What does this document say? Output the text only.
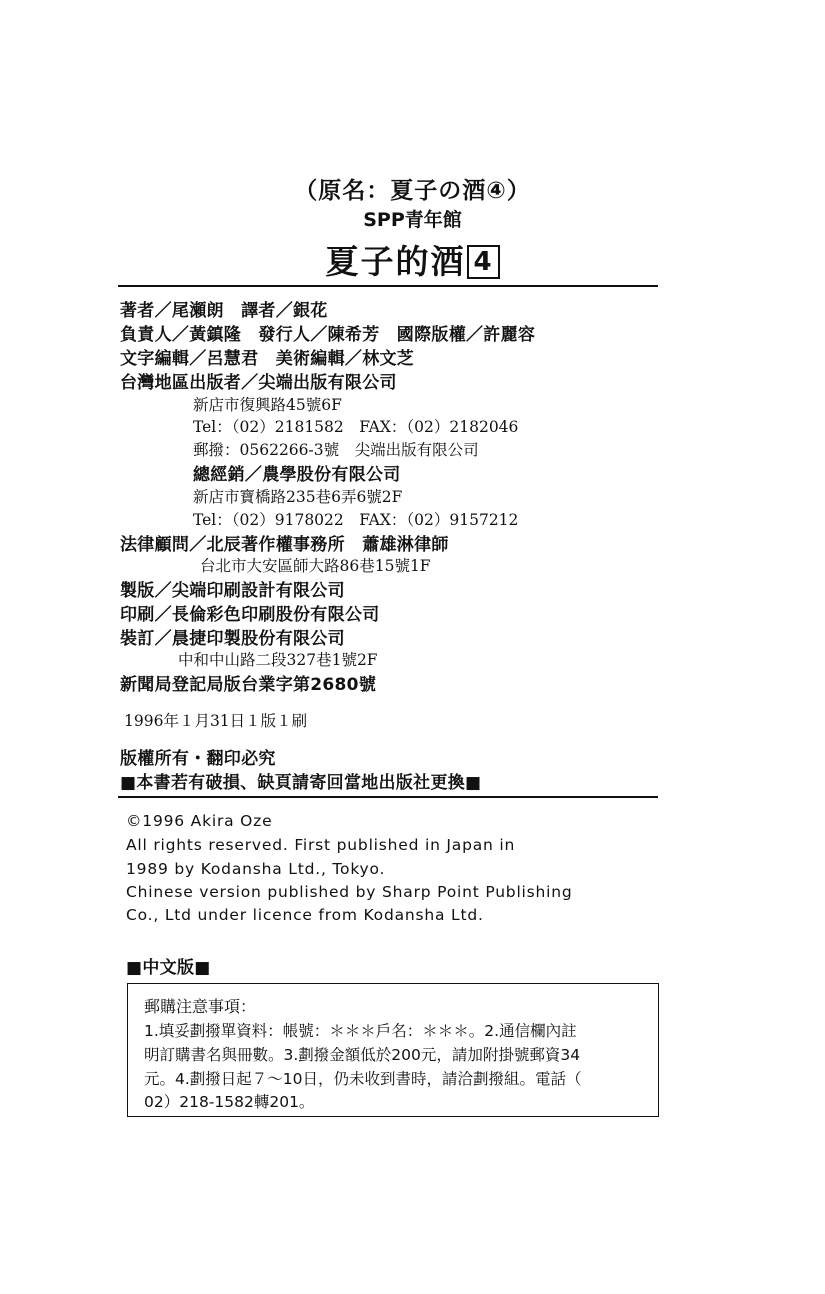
（原名：夏子の酒④）
SPP青年館
夏子的酒 4
著者／尾瀬朗　譯者／銀花
負責人／黃鎮隆　發行人／陳希芳　國際版權／許麗容
文字編輯／呂慧君　美術編輯／林文芝
台灣地區出版者／尖端出版有限公司
新店市復興路45號6F
Tel：（02）2181582　FAX：（02）2182046
郵撥：0562266-3號　尖端出版有限公司
總經銷／農學股份有限公司
新店市寶橋路235巷6弄6號2F
Tel：（02）9178022　FAX：（02）9157212
法律顧問／北辰著作權事務所　蕭雄淋律師
台北市大安區師大路86巷15號1F
製版／尖端印刷設計有限公司
印刷／長倫彩色印刷股份有限公司
裝訂／晨捷印製股份有限公司
中和中山路二段327巷1號2F
新聞局登記局版台業字第2680號
1996年１月31日１版１刷
版權所有・翻印必究
■本書若有破損、缺頁請寄回當地出版社更換■
©1996 Akira Oze
All rights reserved. First published in Japan in
1989 by Kodansha Ltd., Tokyo.
Chinese version published by Sharp Point Publishing
Co., Ltd under licence from Kodansha Ltd.
■中文版■
郵購注意事項：
1.填妥劃撥單資料：帳號：＊＊＊戶名：＊＊＊。2.通信欄內註
明訂購書名與冊數。3.劃撥金額低於200元，請加附掛號郵資34
元。4.劃撥日起７～10日，仍未收到書時，請洽劃撥組。電話（
02）218-1582轉201。
